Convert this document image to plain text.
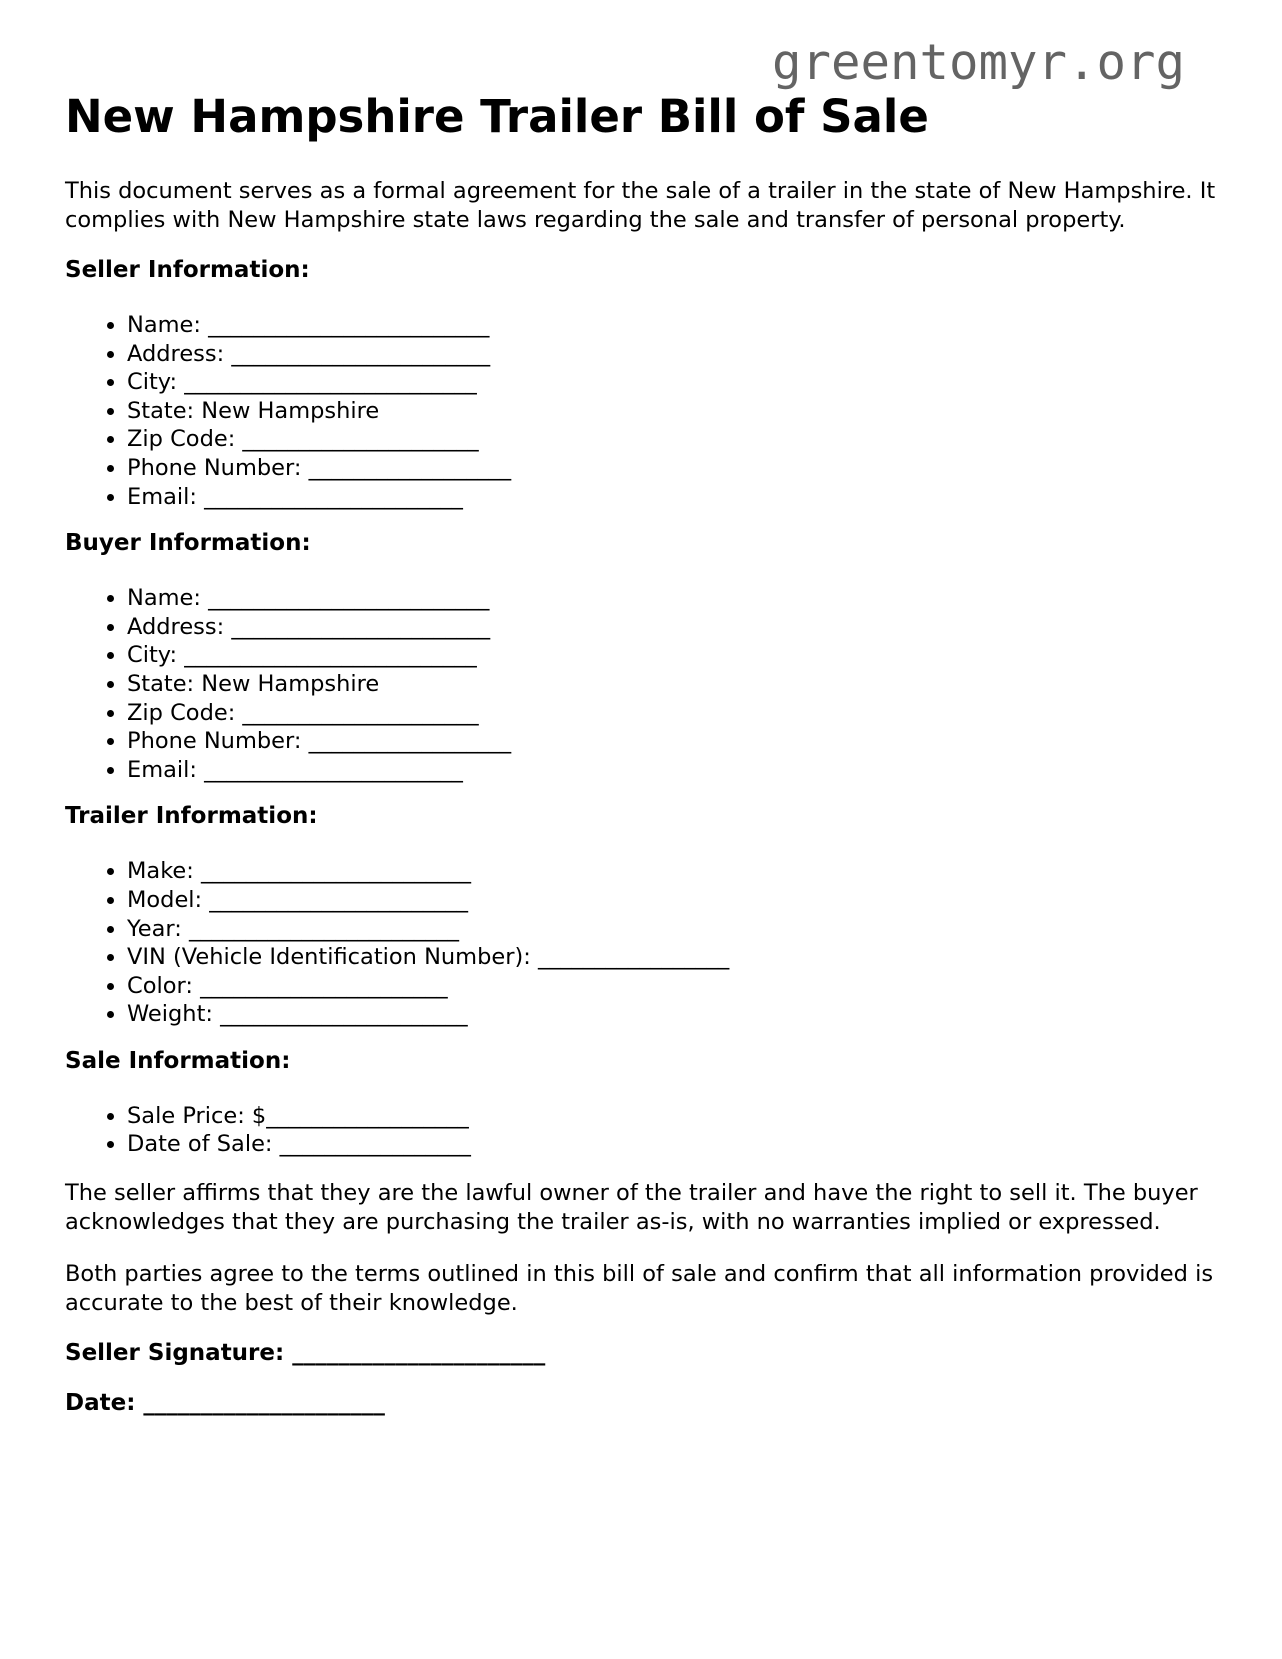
greentomyr.org
New Hampshire Trailer Bill of Sale

This document serves as a formal agreement for the sale of a trailer in the state of New Hampshire. It complies with New Hampshire state laws regarding the sale and transfer of personal property.

Seller Information:
• Name: _________________________
• Address: _______________________
• City: __________________________
• State: New Hampshire
• Zip Code: _____________________
• Phone Number: __________________
• Email: _______________________
Buyer Information:
• Name: _________________________
• Address: _______________________
• City: __________________________
• State: New Hampshire
• Zip Code: _____________________
• Phone Number: __________________
• Email: _______________________
Trailer Information:
• Make: ________________________
• Model: _______________________
• Year: ________________________
• VIN (Vehicle Identification Number): _________________
• Color: ______________________
• Weight: ______________________
Sale Information:
• Sale Price: $__________________
• Date of Sale: _________________

The seller affirms that they are the lawful owner of the trailer and have the right to sell it. The buyer acknowledges that they are purchasing the trailer as-is, with no warranties implied or expressed.

Both parties agree to the terms outlined in this bill of sale and confirm that all information provided is accurate to the best of their knowledge.

Seller Signature: ______________________

Date: _____________________
